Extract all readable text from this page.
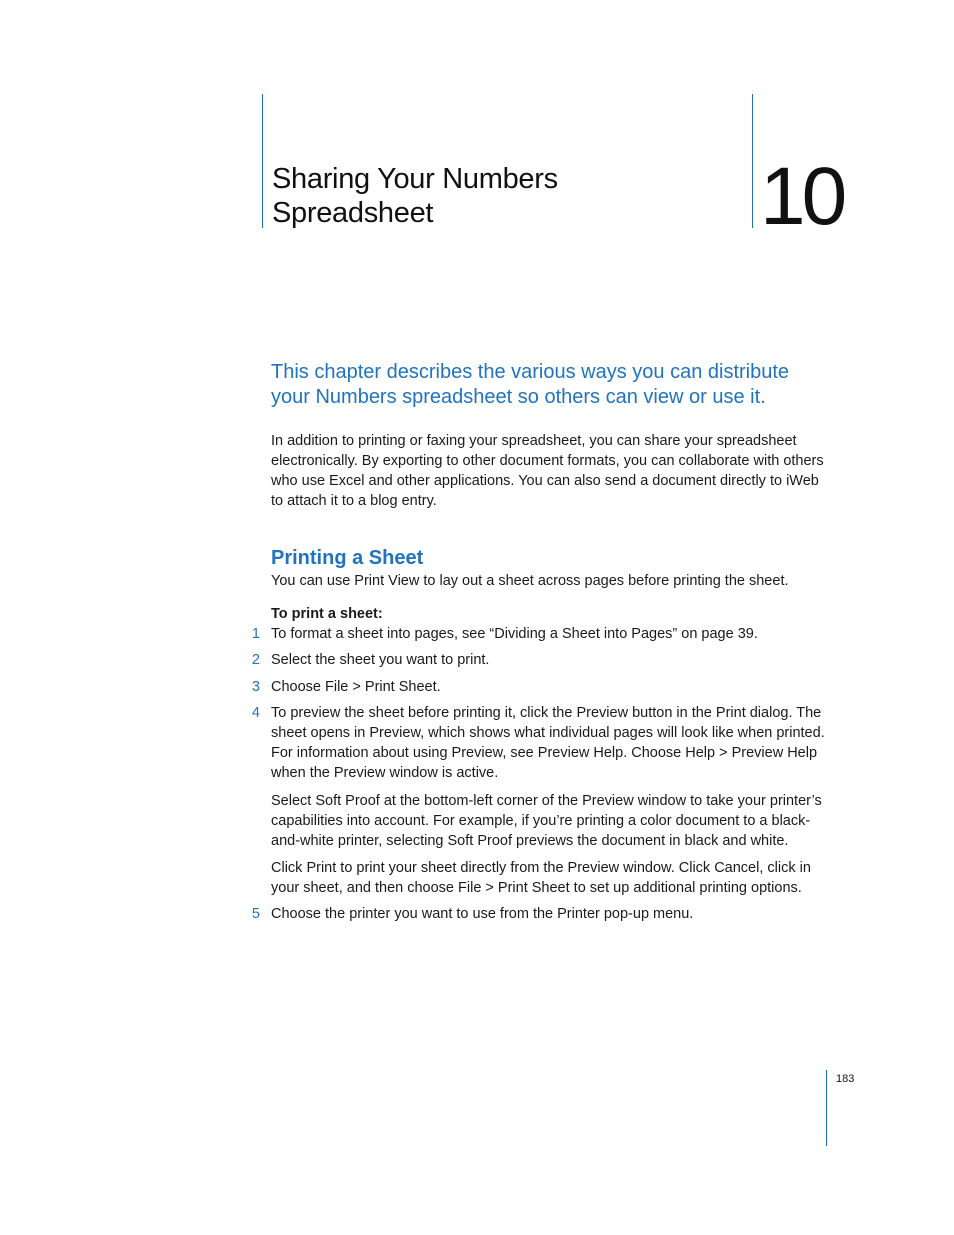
Sharing Your Numbers
Spreadsheet	10

This chapter describes the various ways you can distribute your Numbers spreadsheet so others can view or use it.

In addition to printing or faxing your spreadsheet, you can share your spreadsheet electronically. By exporting to other document formats, you can collaborate with others who use Excel and other applications. You can also send a document directly to iWeb to attach it to a blog entry.

Printing a Sheet

You can use Print View to lay out a sheet across pages before printing the sheet.

To print a sheet:
1 To format a sheet into pages, see “Dividing a Sheet into Pages” on page 39.
2 Select the sheet you want to print.
3 Choose File > Print Sheet.
4 To preview the sheet before printing it, click the Preview button in the Print dialog. The sheet opens in Preview, which shows what individual pages will look like when printed. For information about using Preview, see Preview Help. Choose Help > Preview Help when the Preview window is active.

Select Soft Proof at the bottom-left corner of the Preview window to take your printer’s capabilities into account. For example, if you’re printing a color document to a black-and-white printer, selecting Soft Proof previews the document in black and white.

Click Print to print your sheet directly from the Preview window. Click Cancel, click in your sheet, and then choose File > Print Sheet to set up additional printing options.

5 Choose the printer you want to use from the Printer pop-up menu.
183
